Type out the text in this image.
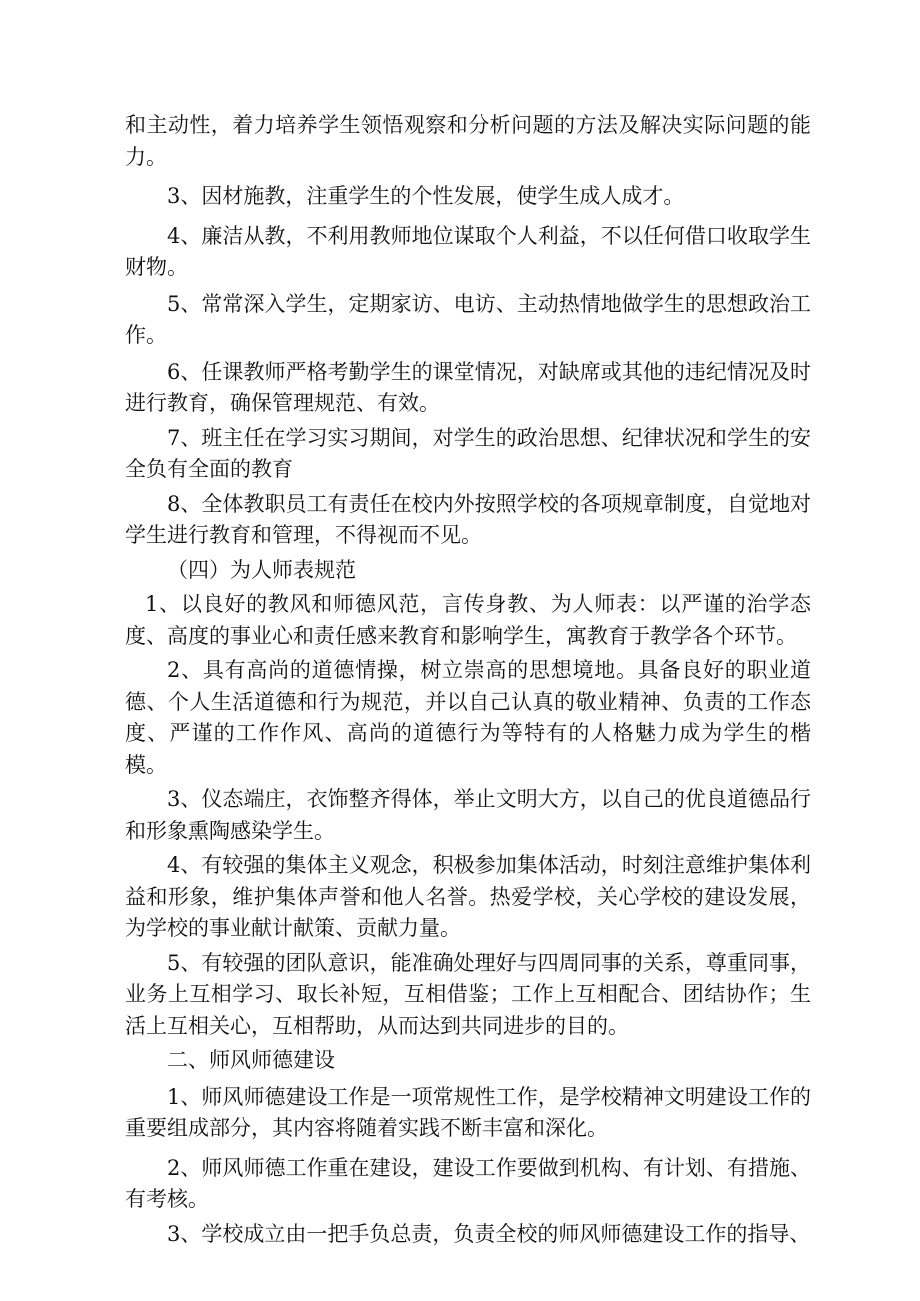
和主动性，着力培养学生领悟观察和分析问题的方法及解决实际问题的能力。

3、因材施教，注重学生的个性发展，使学生成人成才。

4、廉洁从教，不利用教师地位谋取个人利益，不以任何借口收取学生财物。

5、常常深入学生，定期家访、电访、主动热情地做学生的思想政治工作。

6、任课教师严格考勤学生的课堂情况，对缺席或其他的违纪情况及时进行教育，确保管理规范、有效。

7、班主任在学习实习期间，对学生的政治思想、纪律状况和学生的安全负有全面的教育

8、全体教职员工有责任在校内外按照学校的各项规章制度，自觉地对学生进行教育和管理，不得视而不见。

（四）为人师表规范

1、以良好的教风和师德风范，言传身教、为人师表：以严谨的治学态度、高度的事业心和责任感来教育和影响学生，寓教育于教学各个环节。

2、具有高尚的道德情操，树立崇高的思想境地。具备良好的职业道德、个人生活道德和行为规范，并以自己认真的敬业精神、负责的工作态度、严谨的工作作风、高尚的道德行为等特有的人格魅力成为学生的楷模。

3、仪态端庄，衣饰整齐得体，举止文明大方，以自己的优良道德品行和形象熏陶感染学生。

4、有较强的集体主义观念，积极参加集体活动，时刻注意维护集体利益和形象，维护集体声誉和他人名誉。热爱学校，关心学校的建设发展，为学校的事业献计献策、贡献力量。

5、有较强的团队意识，能准确处理好与四周同事的关系，尊重同事，业务上互相学习、取长补短，互相借鉴；工作上互相配合、团结协作；生活上互相关心，互相帮助，从而达到共同进步的目的。

二、师风师德建设

1、师风师德建设工作是一项常规性工作，是学校精神文明建设工作的重要组成部分，其内容将随着实践不断丰富和深化。

2、师风师德工作重在建设，建设工作要做到机构、有计划、有措施、有考核。

3、学校成立由一把手负总责，负责全校的师风师德建设工作的指导、
